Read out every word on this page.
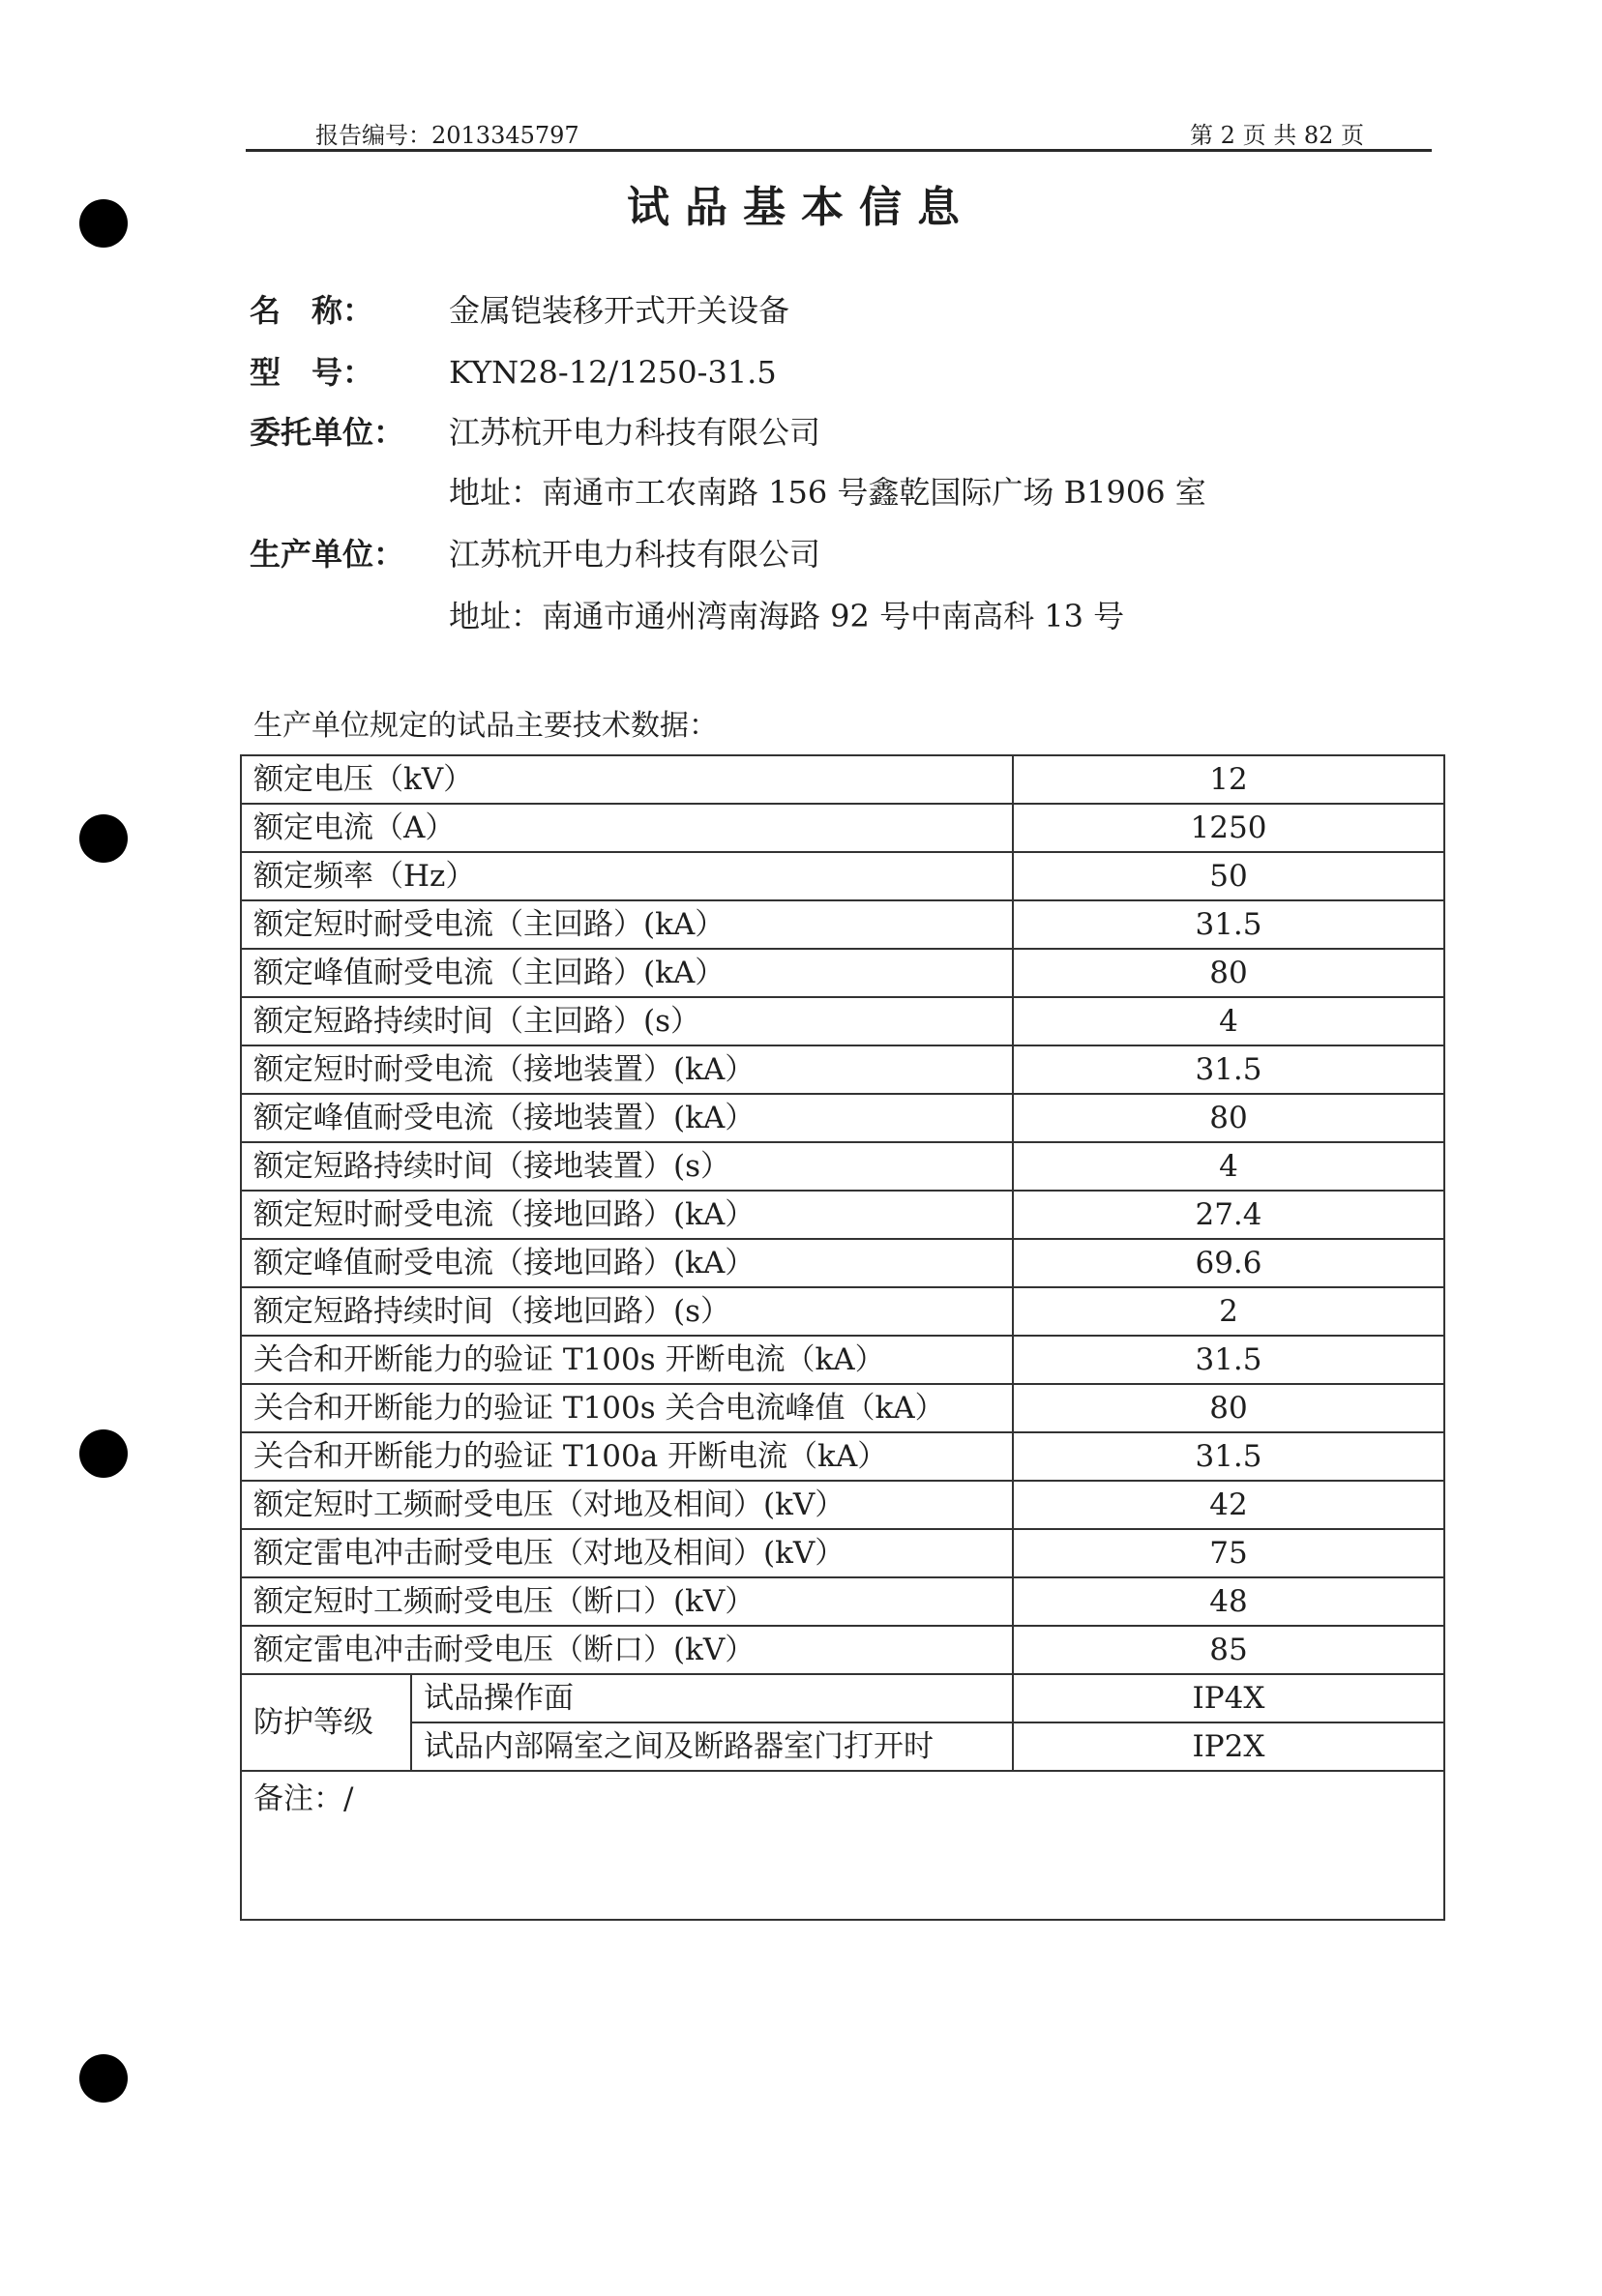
报告编号：2013345797	第 2 页 共 82 页
试品基本信息
名　称：	金属铠装移开式开关设备
型　号：	KYN28-12/1250-31.5
委托单位：	江苏杭开电力科技有限公司
地址：南通市工农南路 156 号鑫乾国际广场 B1906 室
生产单位：	江苏杭开电力科技有限公司
地址：南通市通州湾南海路 92 号中南高科 13 号
生产单位规定的试品主要技术数据：
额定电压（kV）		12
额定电流（A）		1250
额定频率（Hz）		50
额定短时耐受电流（主回路）(kA）		31.5
额定峰值耐受电流（主回路）(kA）		80
额定短路持续时间（主回路）(s）		4
额定短时耐受电流（接地装置）(kA）		31.5
额定峰值耐受电流（接地装置）(kA）		80
额定短路持续时间（接地装置）(s）		4
额定短时耐受电流（接地回路）(kA）		27.4
额定峰值耐受电流（接地回路）(kA）		69.6
额定短路持续时间（接地回路）(s）		2
关合和开断能力的验证 T100s 开断电流（kA）		31.5
关合和开断能力的验证 T100s 关合电流峰值（kA）		80
关合和开断能力的验证 T100a 开断电流（kA）		31.5
额定短时工频耐受电压（对地及相间）(kV）		42
额定雷电冲击耐受电压（对地及相间）(kV）		75
额定短时工频耐受电压（断口）(kV）		48
额定雷电冲击耐受电压（断口）(kV）		85
防护等级	试品操作面	IP4X
	试品内部隔室之间及断路器室门打开时	IP2X
备注：/		
